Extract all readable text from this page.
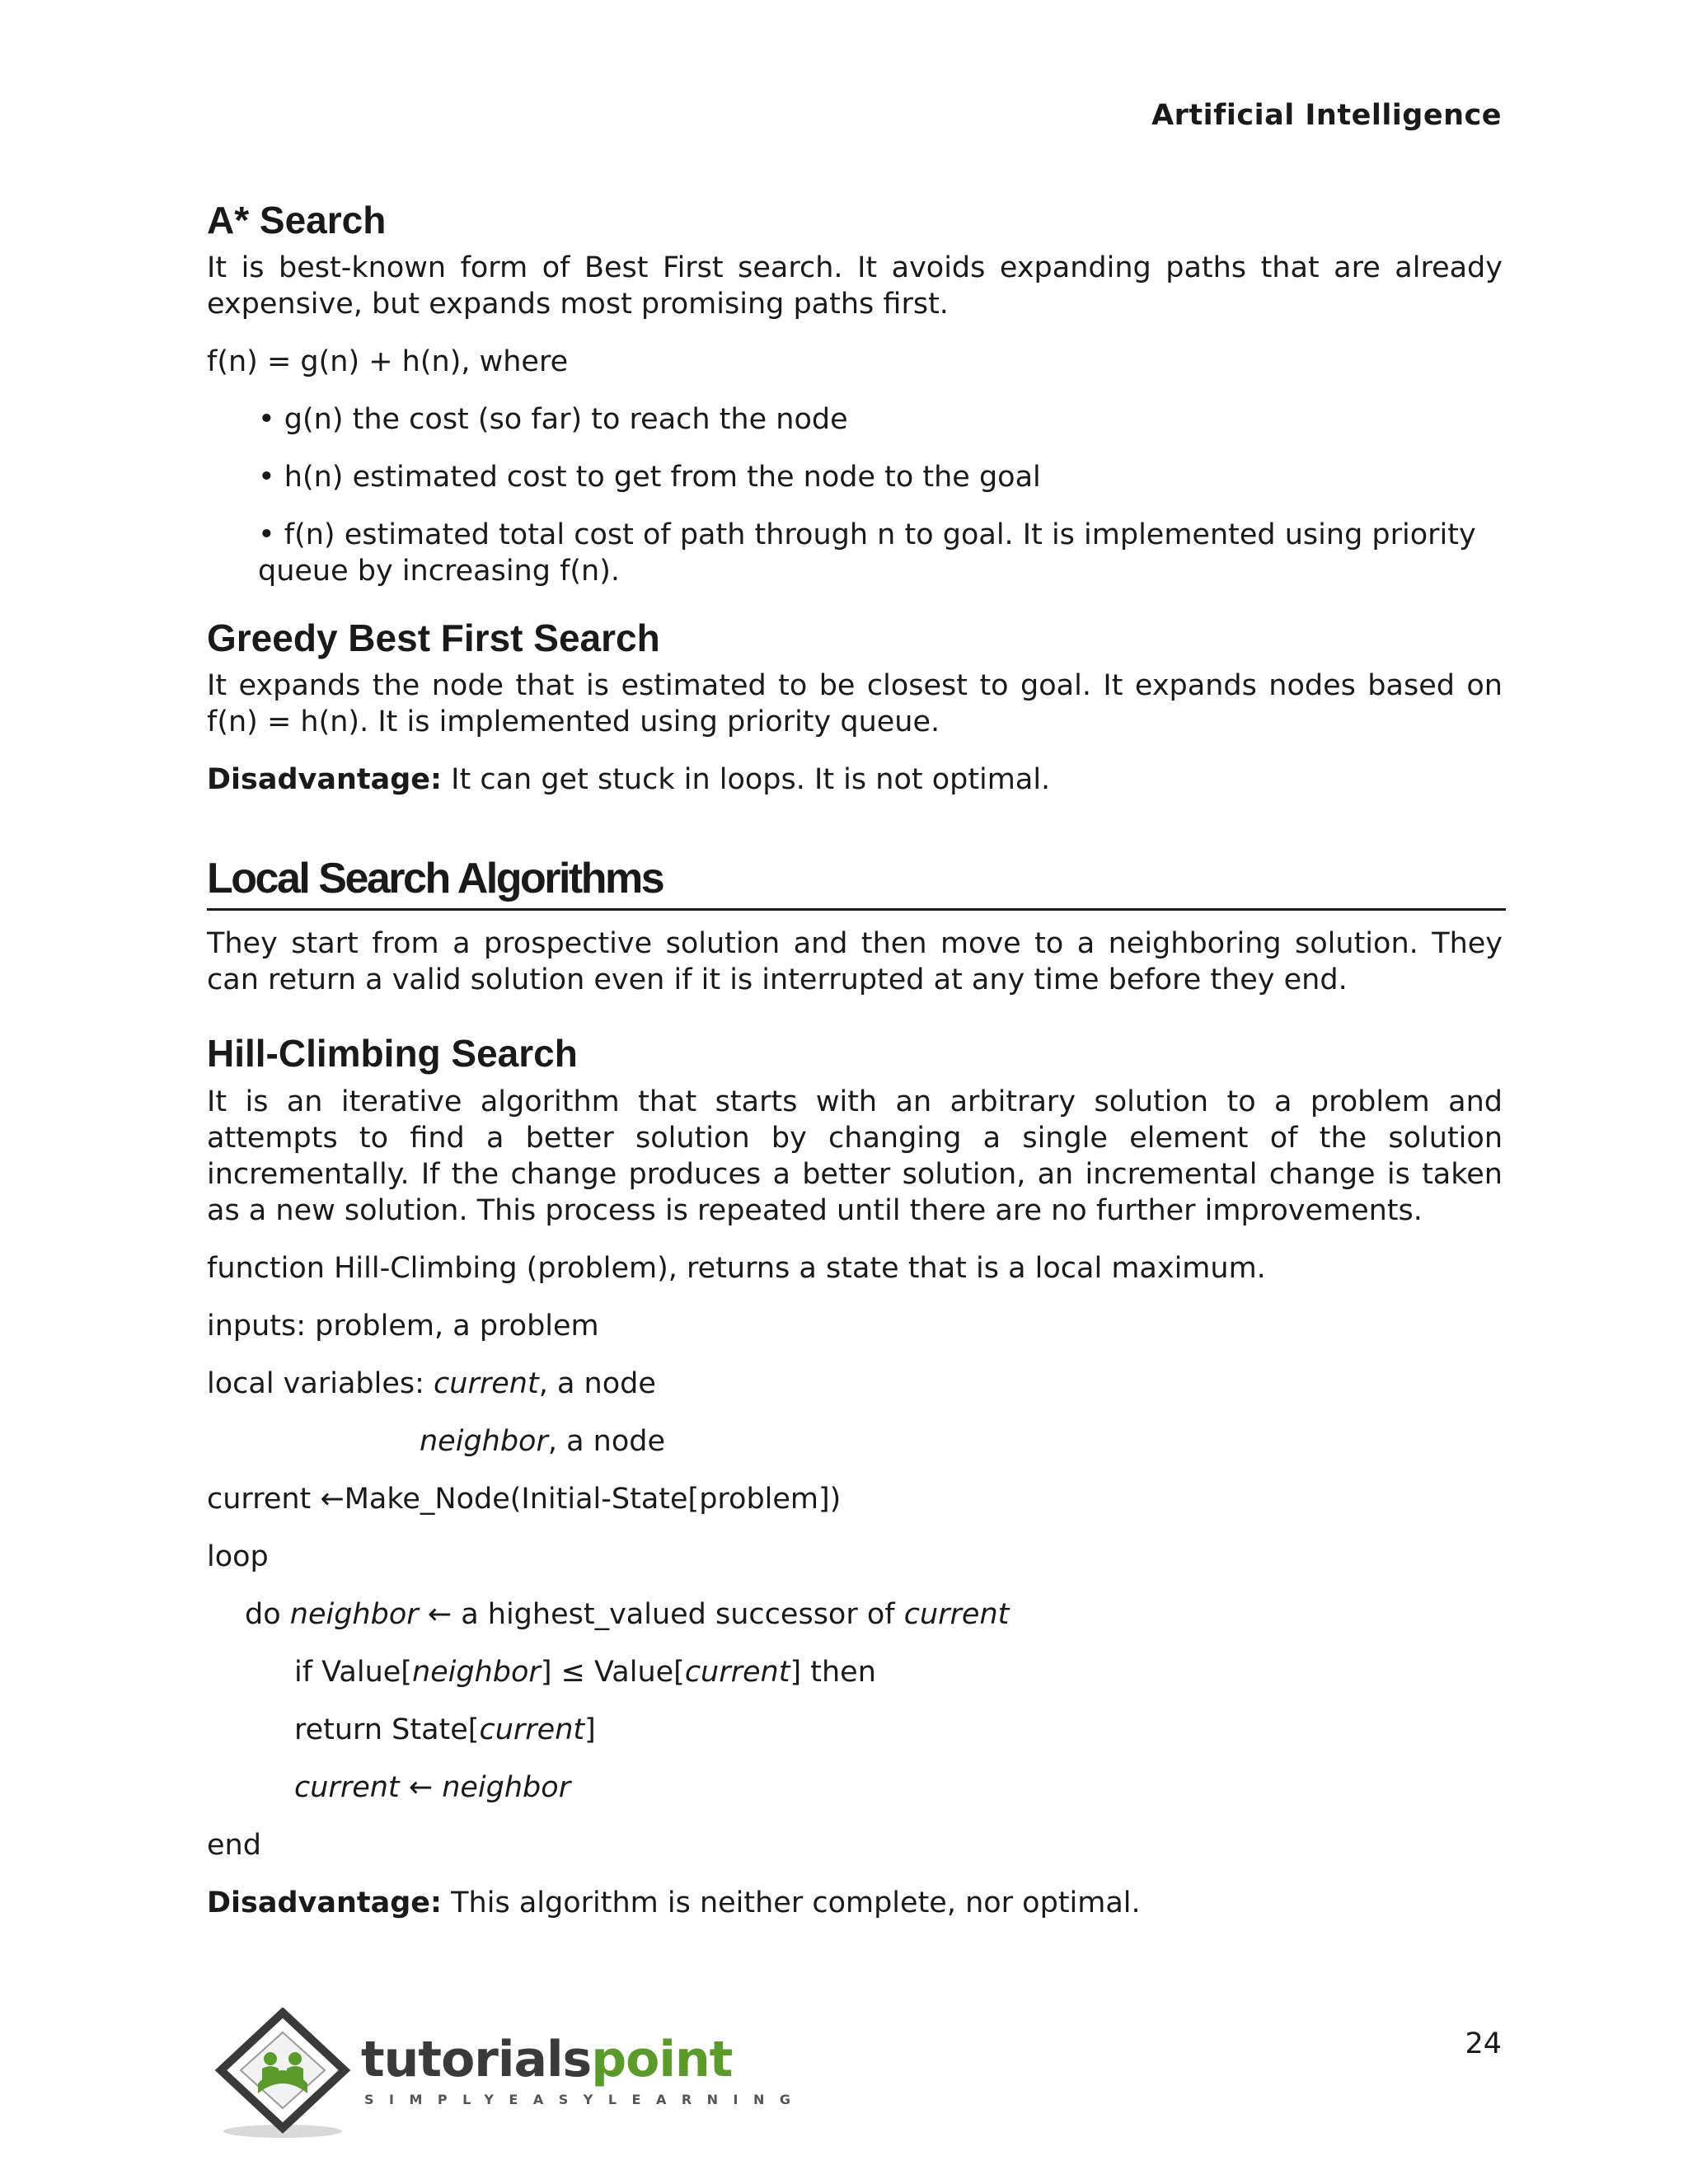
Artificial Intelligence
A* Search

It is best-known form of Best First search. It avoids expanding paths that are already expensive, but expands most promising paths first.

f(n) = g(n) + h(n), where

• g(n) the cost (so far) to reach the node
• h(n) estimated cost to get from the node to the goal
• f(n) estimated total cost of path through n to goal. It is implemented using priority queue by increasing f(n).
Greedy Best First Search

It expands the node that is estimated to be closest to goal. It expands nodes based on f(n) = h(n). It is implemented using priority queue.

Disadvantage: It can get stuck in loops. It is not optimal.

Local Search Algorithms

They start from a prospective solution and then move to a neighboring solution. They can return a valid solution even if it is interrupted at any time before they end.

Hill-Climbing Search

It is an iterative algorithm that starts with an arbitrary solution to a problem and attempts to find a better solution by changing a single element of the solution incrementally. If the change produces a better solution, an incremental change is taken as a new solution. This process is repeated until there are no further improvements.

function Hill-Climbing (problem), returns a state that is a local maximum.

inputs: problem, a problem

local variables: current, a node

neighbor, a node

current ←Make_Node(Initial-State[problem])

loop

do neighbor ← a highest_valued successor of current

if Value[neighbor] ≤ Value[current] then

return State[current]

current ← neighbor

end

Disadvantage: This algorithm is neither complete, nor optimal.

24
tutorialspoint
SIMPLYEASYLEARNING
